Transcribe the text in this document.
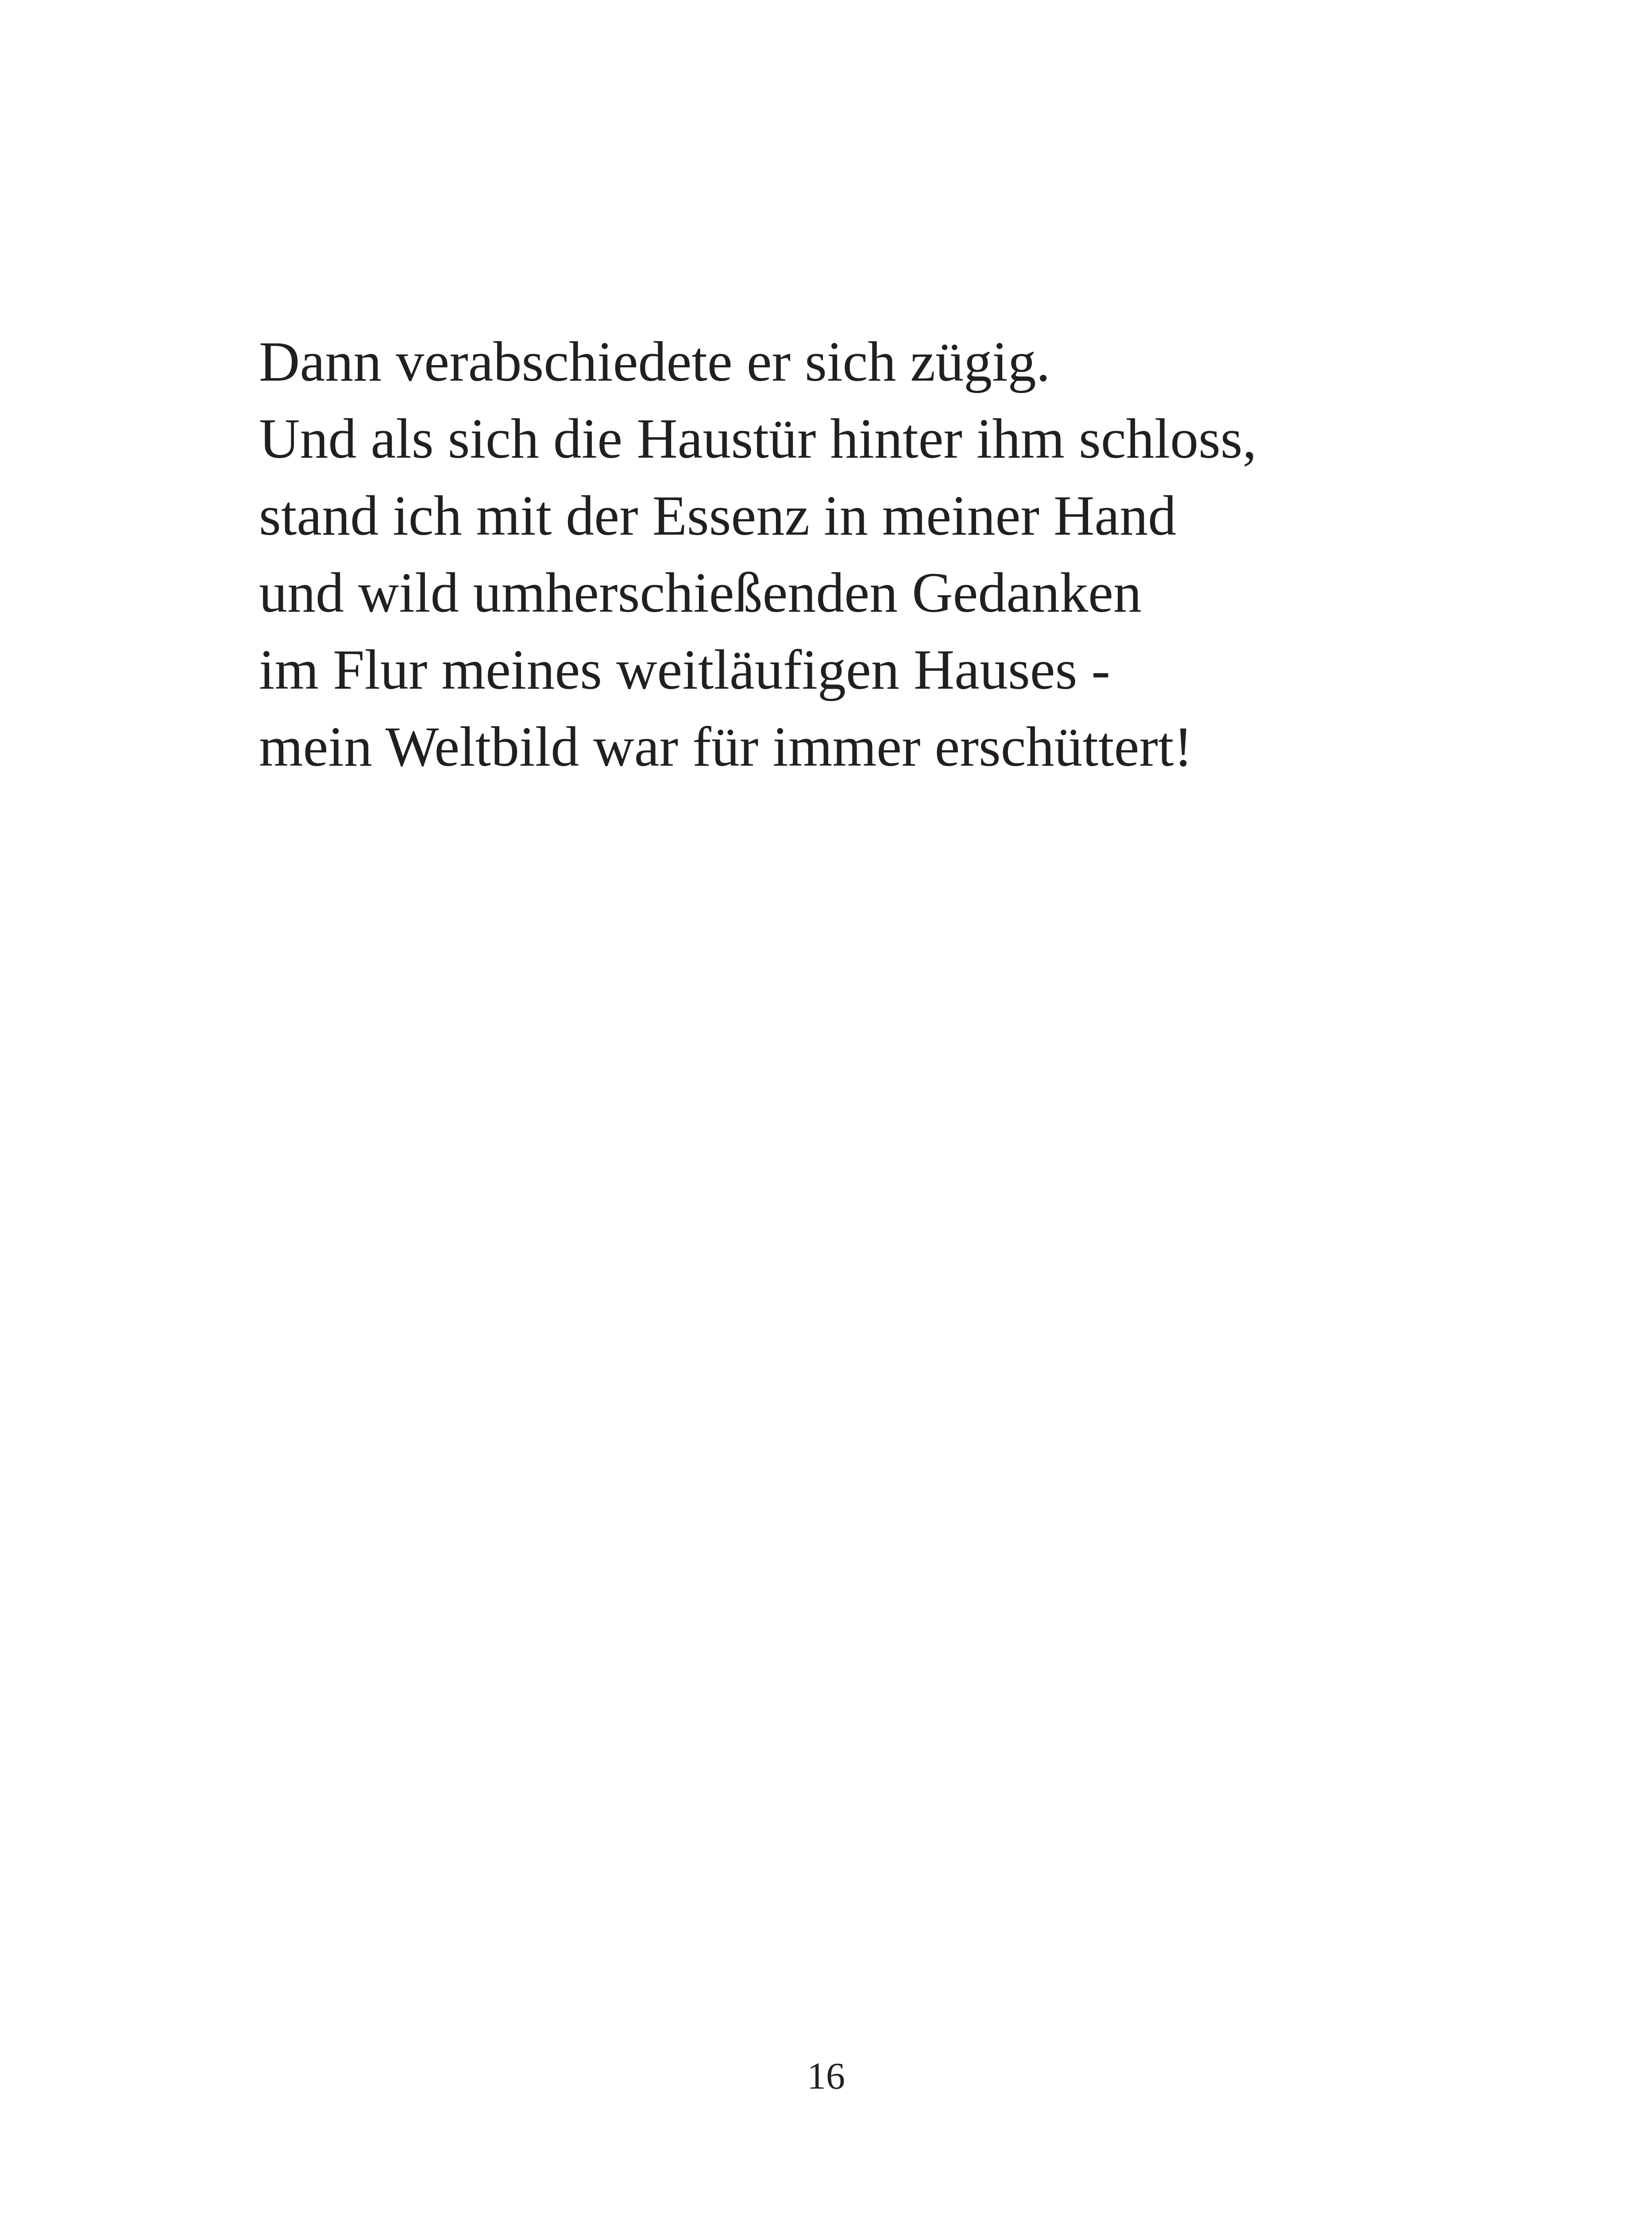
Dann verabschiedete er sich zügig.
Und als sich die Haustür hinter ihm schloss,
stand ich mit der Essenz in meiner Hand
und wild umherschießenden Gedanken
im Flur meines weitläufigen Hauses -
mein Weltbild war für immer erschüttert!
16
